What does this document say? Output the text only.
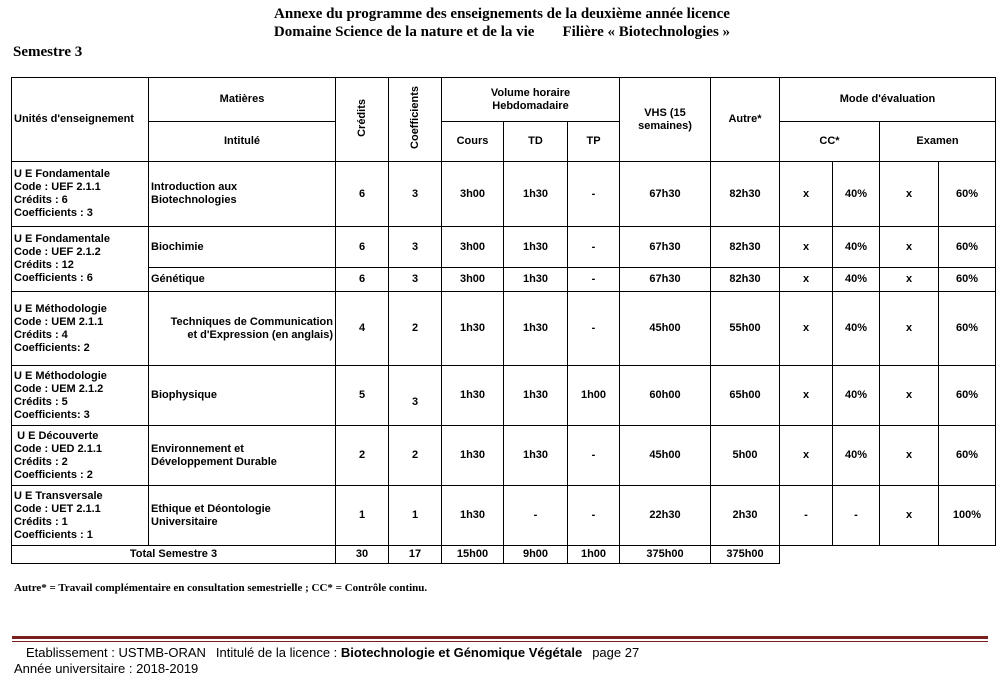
Annexe du programme des enseignements de la deuxième année licence
Domaine Science de la nature et de la vie Filière « Biotechnologies »
Semestre 3
Unités d'enseignement	Matières	Crédits	Coefficients	Volume horaire Hebdomadaire			VHS (15 semaines)	Autre*	Mode d'évaluation			
	Intitulé			Cours	TD	TP			CC*		Examen	
U E Fondamentale
Code : UEF 2.1.1
Crédits : 6
Coefficients : 3	Introduction aux
Biotechnologies	6	3	3h00	1h30	-	67h30	82h30	x	40%	x	60%
U E Fondamentale
Code : UEF 2.1.2
Crédits : 12
Coefficients : 6	Biochimie	6	3	3h00	1h30	-	67h30	82h30	x	40%	x	60%
	Génétique	6	3	3h00	1h30	-	67h30	82h30	x	40%	x	60%
U E Méthodologie
Code : UEM 2.1.1
Crédits : 4
Coefficients: 2	Techniques de Communication
et d'Expression (en anglais)	4	2	1h30	1h30	-	45h00	55h00	x	40%	x	60%
U E Méthodologie
Code : UEM 2.1.2
Crédits : 5
Coefficients: 3	Biophysique	5	3	1h30	1h30	1h00	60h00	65h00	x	40%	x	60%
U E Découverte
Code : UED 2.1.1
Crédits : 2
Coefficients : 2	Environnement et
Développement Durable	2	2	1h30	1h30	-	45h00	5h00	x	40%	x	60%
U E Transversale
Code : UET 2.1.1
Crédits : 1
Coefficients : 1	Ethique et Déontologie
Universitaire	1	1	1h30	-	-	22h30	2h30	-	-	x	100%
Total Semestre 3		30	17	15h00	9h00	1h00	375h00	375h00				
Autre* = Travail complémentaire en consultation semestrielle ; CC* = Contrôle continu.
Etablissement : USTMB-ORAN Intitulé de la licence : Biotechnologie et Génomique Végétale page 27
Année universitaire : 2018-2019
